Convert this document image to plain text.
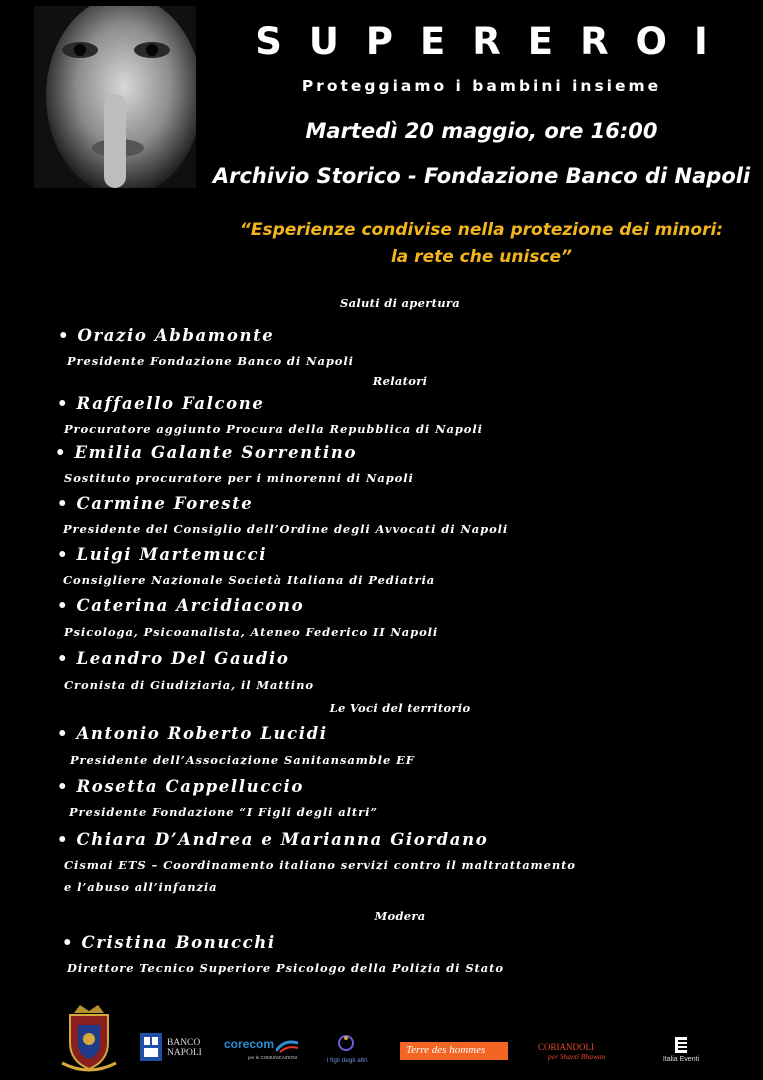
SUPEREROI
Proteggiamo i bambini insieme
Martedì 20 maggio, ore 16:00
Archivio Storico - Fondazione Banco di Napoli
“Esperienze condivise nella protezione dei minori:
la rete che unisce”
Saluti di apertura
• Orazio Abbamonte
Presidente Fondazione Banco di Napoli
Relatori
• Raffaello Falcone
Procuratore aggiunto Procura della Repubblica di Napoli
• Emilia Galante Sorrentino
Sostituto procuratore per i minorenni di Napoli
• Carmine Foreste
Presidente del Consiglio dell’Ordine degli Avvocati di Napoli
• Luigi Martemucci
Consigliere Nazionale Società Italiana di Pediatria
• Caterina Arcidiacono
Psicologa, Psicoanalista, Ateneo Federico II Napoli
• Leandro Del Gaudio
Cronista di Giudiziaria, il Mattino
Le Voci del territorio
• Antonio Roberto Lucidi
Presidente dell’Associazione Sanitansamble EF
• Rosetta Cappelluccio
Presidente Fondazione “I Figli degli altri”
• Chiara D’Andrea e Marianna Giordano
Cismai ETS – Coordinamento italiano servizi contro il maltrattamento
e l’abuso all’infanzia
Modera
• Cristina Bonucchi
Direttore Tecnico Superiore Psicologo della Polizia di Stato
BANCO NAPOLI
corecom
per le COMUNICAZIONI	I figli degli altri
Terre des hommes	CORIANDOLI
per Shanti Bhawan	Italia Eventi
